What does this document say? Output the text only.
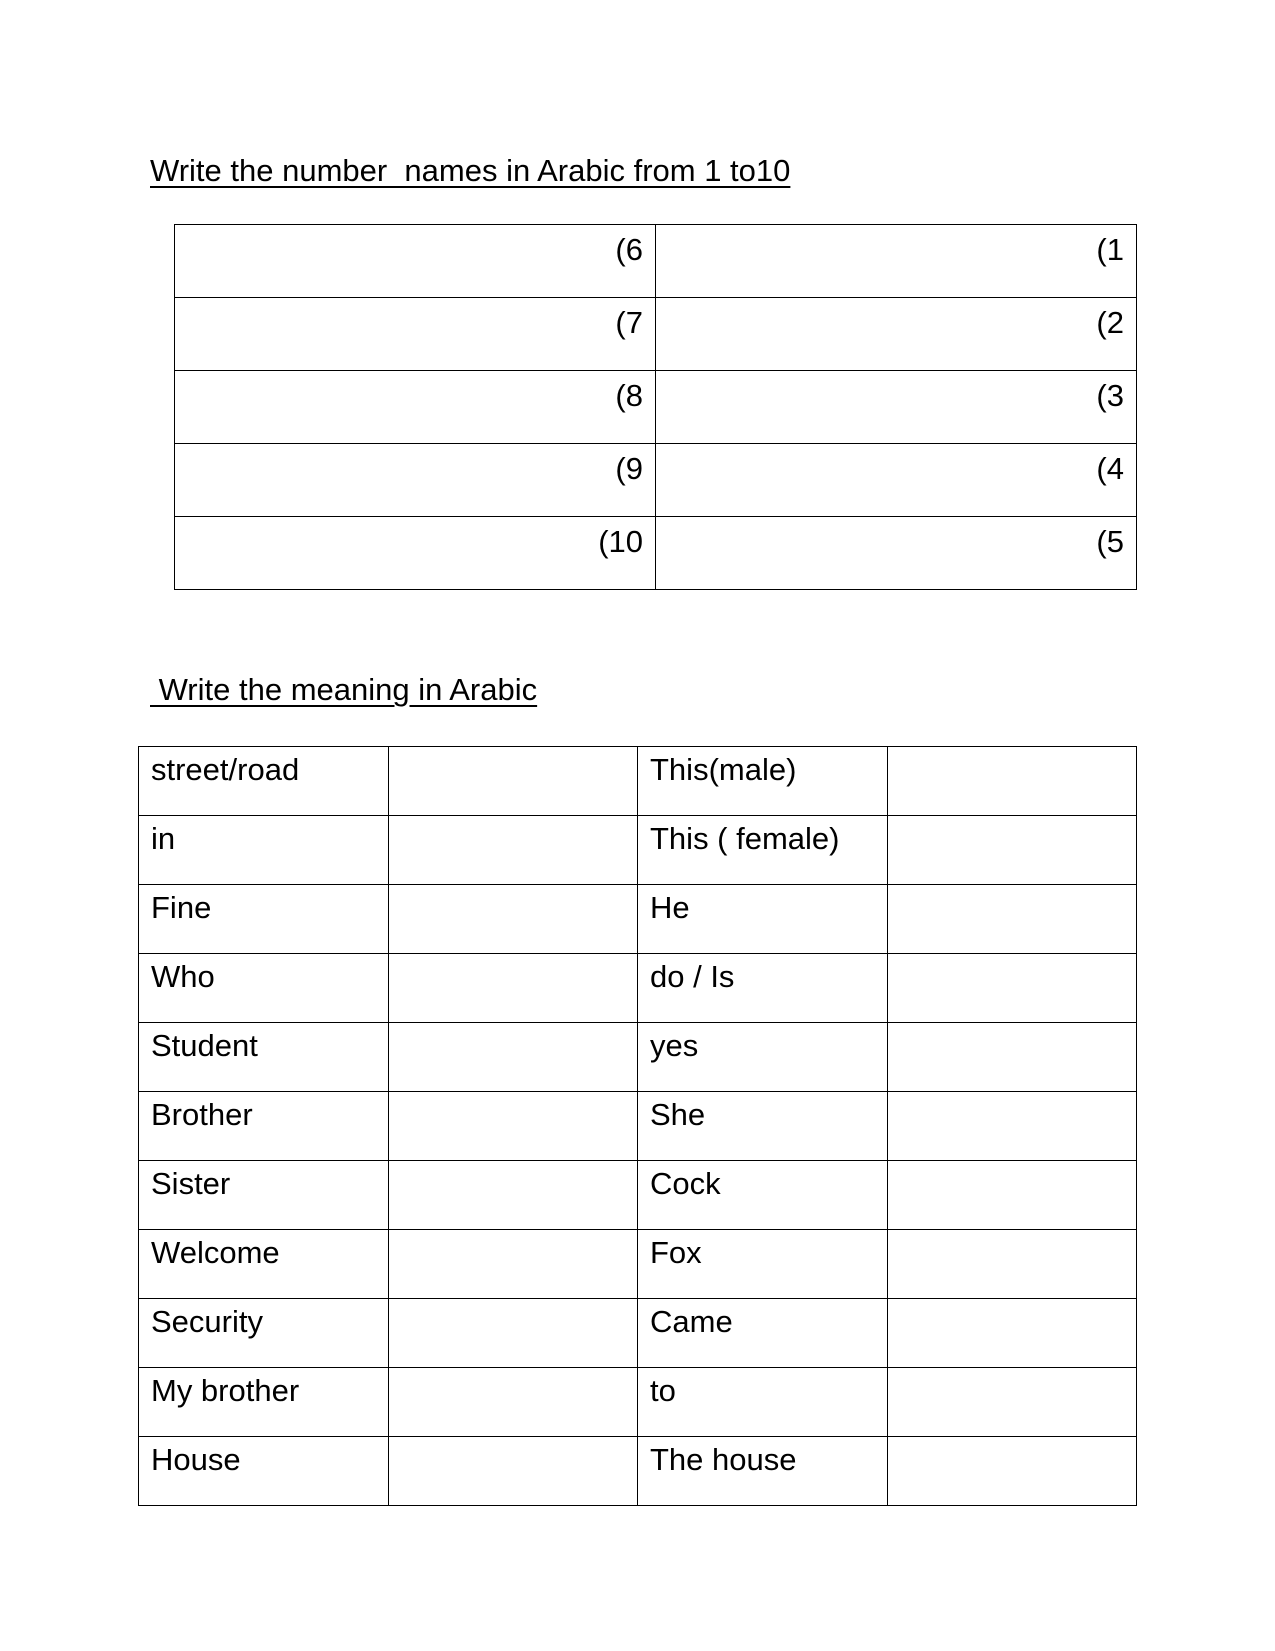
Write the number  names in Arabic from 1 to10
(6	(1
(7	(2
(8	(3
(9	(4
(10	(5
Write the meaning in Arabic
street/road		This(male)	
in		This ( female)	
Fine		He	
Who		do / Is	
Student		yes	
Brother		She	
Sister		Cock	
Welcome		Fox	
Security		Came	
My brother		to	
House		The house	
